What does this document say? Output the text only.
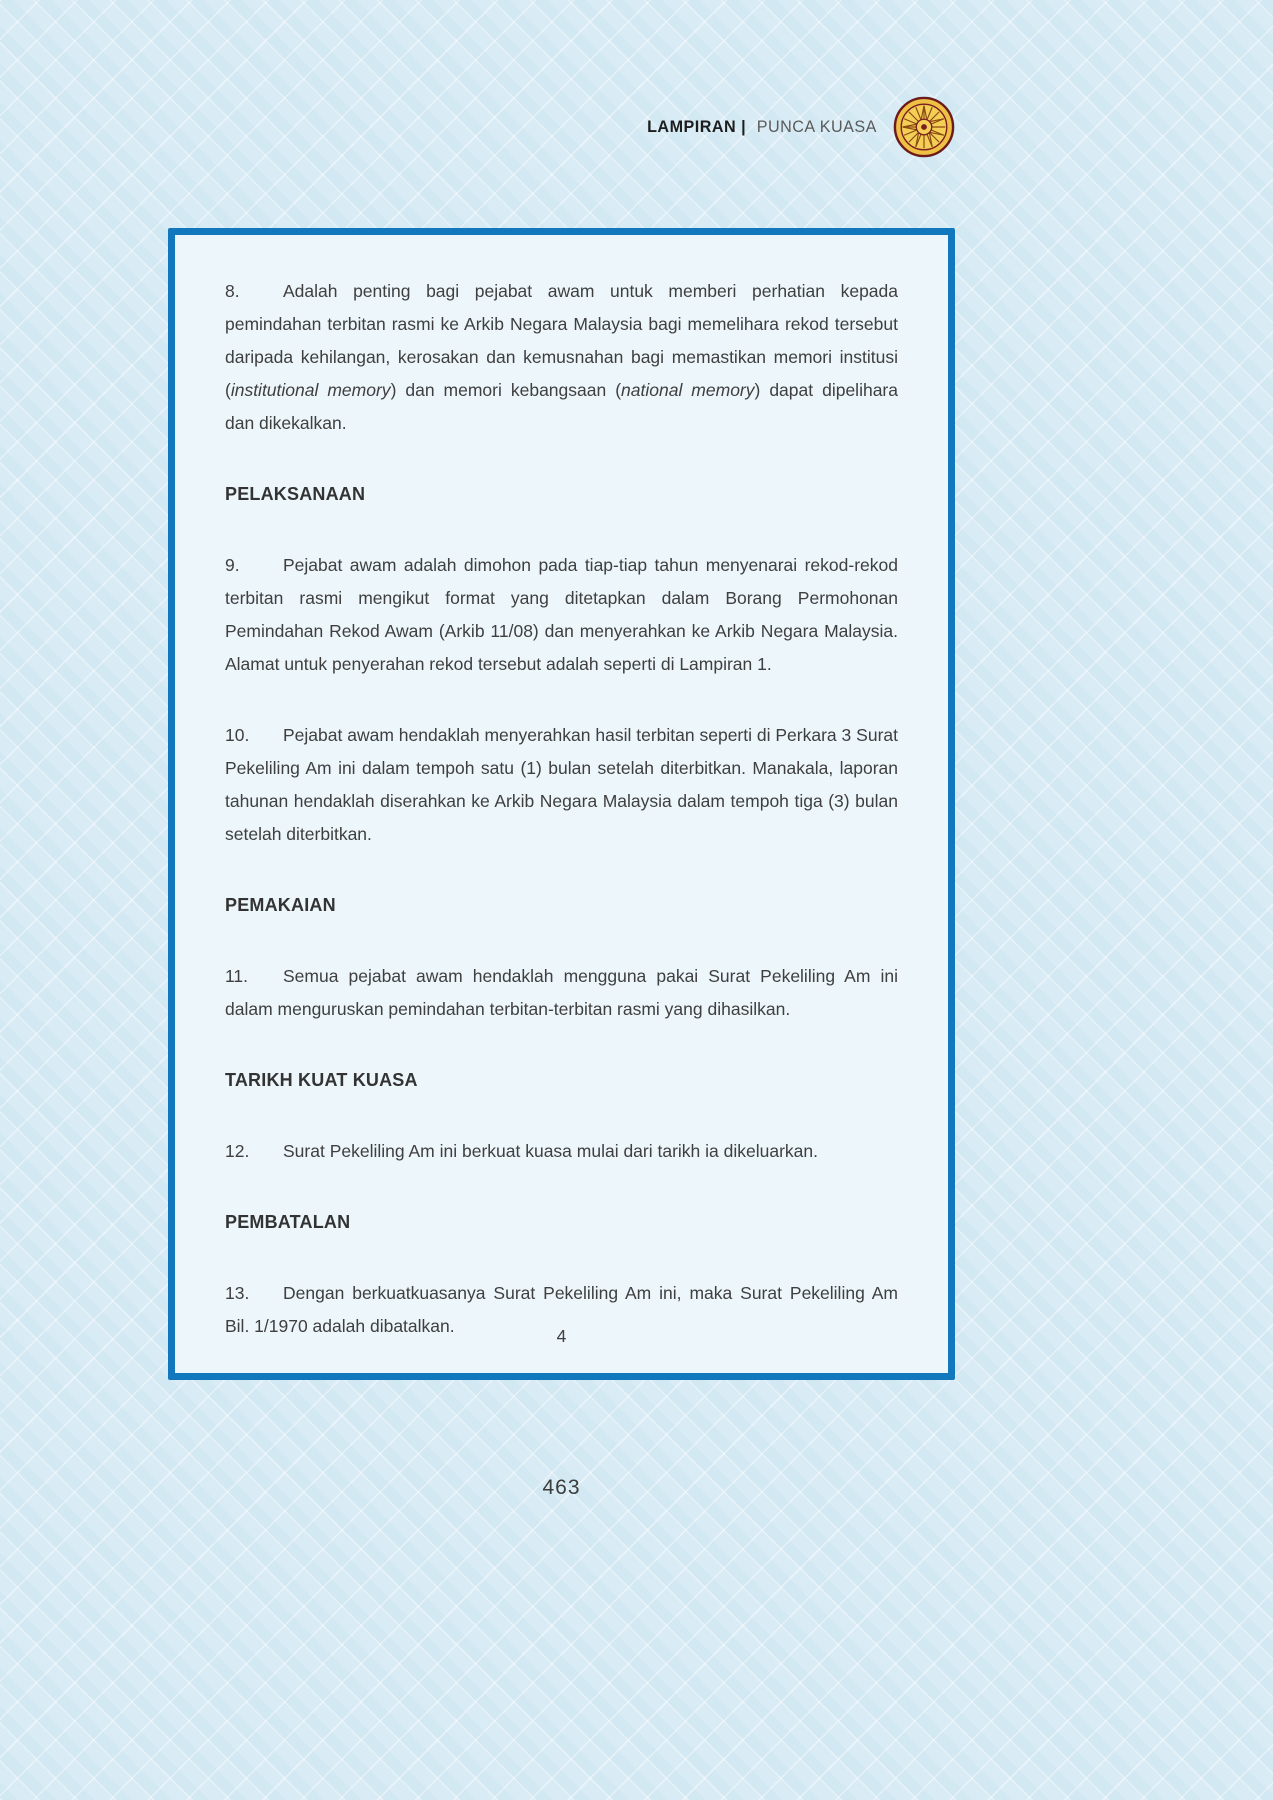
LAMPIRAN | PUNCA KUASA
8. Adalah penting bagi pejabat awam untuk memberi perhatian kepada pemindahan terbitan rasmi ke Arkib Negara Malaysia bagi memelihara rekod tersebut daripada kehilangan, kerosakan dan kemusnahan bagi memastikan memori institusi (institutional memory) dan memori kebangsaan (national memory) dapat dipelihara dan dikekalkan.
PELAKSANAAN
9. Pejabat awam adalah dimohon pada tiap-tiap tahun menyenarai rekod-rekod terbitan rasmi mengikut format yang ditetapkan dalam Borang Permohonan Pemindahan Rekod Awam (Arkib 11/08) dan menyerahkan ke Arkib Negara Malaysia. Alamat untuk penyerahan rekod tersebut adalah seperti di Lampiran 1.
10. Pejabat awam hendaklah menyerahkan hasil terbitan seperti di Perkara 3 Surat Pekeliling Am ini dalam tempoh satu (1) bulan setelah diterbitkan. Manakala, laporan tahunan hendaklah diserahkan ke Arkib Negara Malaysia dalam tempoh tiga (3) bulan setelah diterbitkan.
PEMAKAIAN
11. Semua pejabat awam hendaklah mengguna pakai Surat Pekeliling Am ini dalam menguruskan pemindahan terbitan-terbitan rasmi yang dihasilkan.
TARIKH KUAT KUASA
12. Surat Pekeliling Am ini berkuat kuasa mulai dari tarikh ia dikeluarkan.
PEMBATALAN
13. Dengan berkuatkuasanya Surat Pekeliling Am ini, maka Surat Pekeliling Am Bil. 1/1970 adalah dibatalkan.	4
463
